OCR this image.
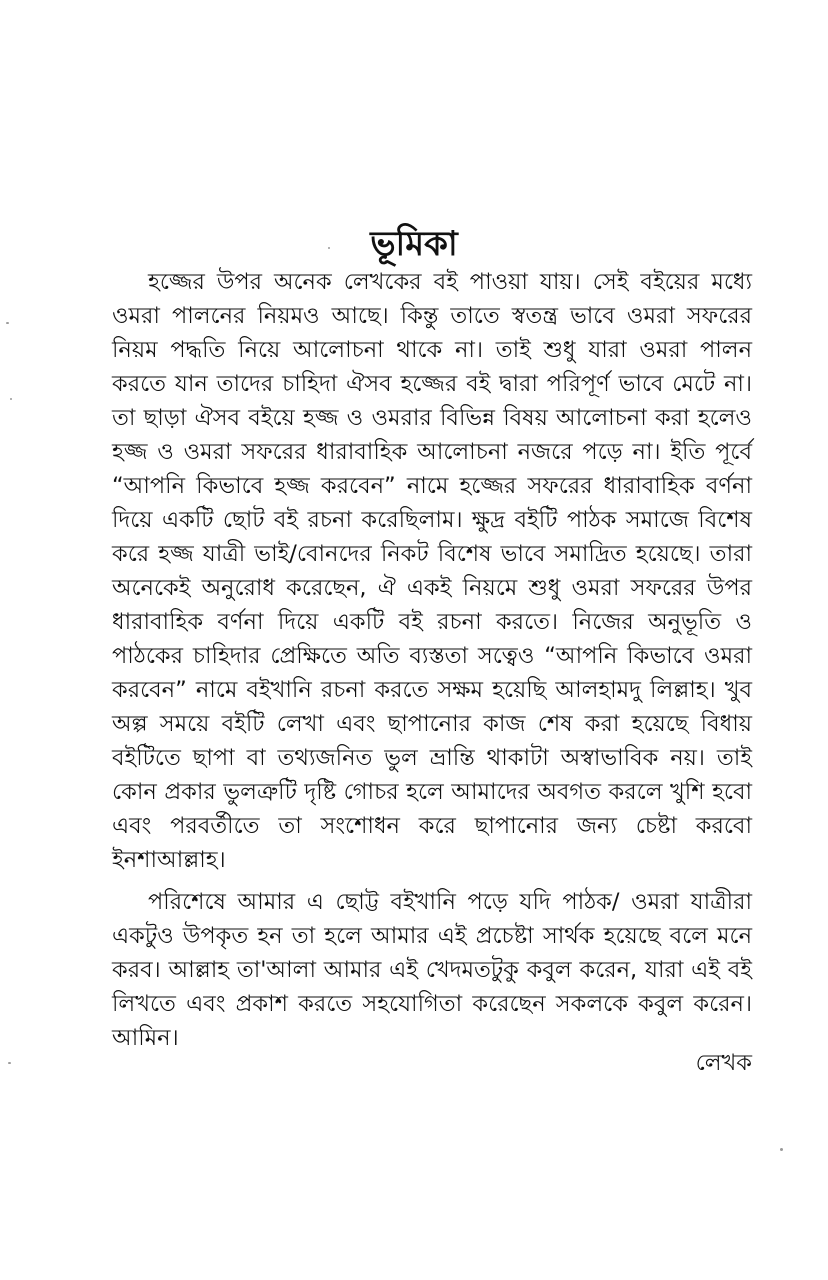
ভূমিকা

হজ্জের উপর অনেক লেখকের বই পাওয়া যায়। সেই বইয়ের মধ্যে ওমরা পালনের নিয়মও আছে। কিন্তু তাতে স্বতন্ত্র ভাবে ওমরা সফরের নিয়ম পদ্ধতি নিয়ে আলোচনা থাকে না। তাই শুধু যারা ওমরা পালন করতে যান তাদের চাহিদা ঐসব হজ্জের বই দ্বারা পরিপূর্ণ ভাবে মেটে না। তা ছাড়া ঐসব বইয়ে হজ্জ ও ওমরার বিভিন্ন বিষয় আলোচনা করা হলেও হজ্জ ও ওমরা সফরের ধারাবাহিক আলোচনা নজরে পড়ে না। ইতি পূর্বে “আপনি কিভাবে হজ্জ করবেন” নামে হজ্জের সফরের ধারাবাহিক বর্ণনা দিয়ে একটি ছোট বই রচনা করেছিলাম। ক্ষুদ্র বইটি পাঠক সমাজে বিশেষ করে হজ্জ যাত্রী ভাই/বোনদের নিকট বিশেষ ভাবে সমাদ্রিত হয়েছে। তারা অনেকেই অনুরোধ করেছেন, ঐ একই নিয়মে শুধু ওমরা সফরের উপর ধারাবাহিক বর্ণনা দিয়ে একটি বই রচনা করতে। নিজের অনুভূতি ও পাঠকের চাহিদার প্রেক্ষিতে অতি ব্যস্ততা সত্বেও “আপনি কিভাবে ওমরা করবেন” নামে বইখানি রচনা করতে সক্ষম হয়েছি আলহামদু লিল্লাহ। খুব অল্প সময়ে বইটি লেখা এবং ছাপানোর কাজ শেষ করা হয়েছে বিধায় বইটিতে ছাপা বা তথ্যজনিত ভুল ভ্রান্তি থাকাটা অস্বাভাবিক নয়। তাই কোন প্রকার ভুলত্রুটি দৃষ্টি গোচর হলে আমাদের অবগত করলে খুশি হবো এবং পরবর্তীতে তা সংশোধন করে ছাপানোর জন্য চেষ্টা করবো ইনশাআল্লাহ।

পরিশেষে আমার এ ছোট্ট বইখানি পড়ে যদি পাঠক/ ওমরা যাত্রীরা একটুও উপকৃত হন তা হলে আমার এই প্রচেষ্টা সার্থক হয়েছে বলে মনে করব। আল্লাহ তা'আলা আমার এই খেদমতটুকু কবুল করেন, যারা এই বই লিখতে এবং প্রকাশ করতে সহযোগিতা করেছেন সকলকে কবুল করেন। আমিন।

লেখক
